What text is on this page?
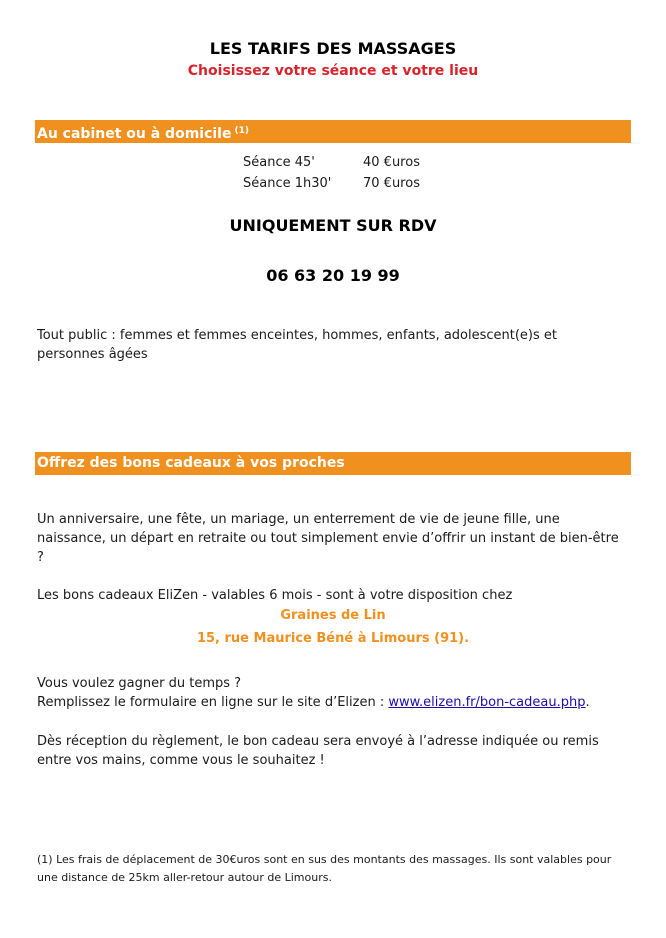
LES TARIFS DES MASSAGES
Choisissez votre séance et votre lieu
Au cabinet ou à domicile $^{(1)}$
Séance 45'	40 €uros
Séance 1h30' 70 €uros
UNIQUEMENT SUR RDV
06 63 20 19 99
Tout public : femmes et femmes enceintes, hommes, enfants, adolescent(e)s et personnes âgées
Offrez des bons cadeaux à vos proches
Un anniversaire, une fête, un mariage, un enterrement de vie de jeune fille, une naissance, un départ en retraite ou tout simplement envie d’offrir un instant de bien-être ?
Les bons cadeaux EliZen - valables 6 mois - sont à votre disposition chez
Graines de Lin
15, rue Maurice Béné à Limours (91).
Vous voulez gagner du temps ?
Remplissez le formulaire en ligne sur le site d’Elizen : www.elizen.fr/bon-cadeau.php.
Dès réception du règlement, le bon cadeau sera envoyé à l’adresse indiquée ou remis entre vos mains, comme vous le souhaitez !
(1) Les frais de déplacement de 30€uros sont en sus des montants des massages. Ils sont valables pour une distance de 25km aller-retour autour de Limours.
